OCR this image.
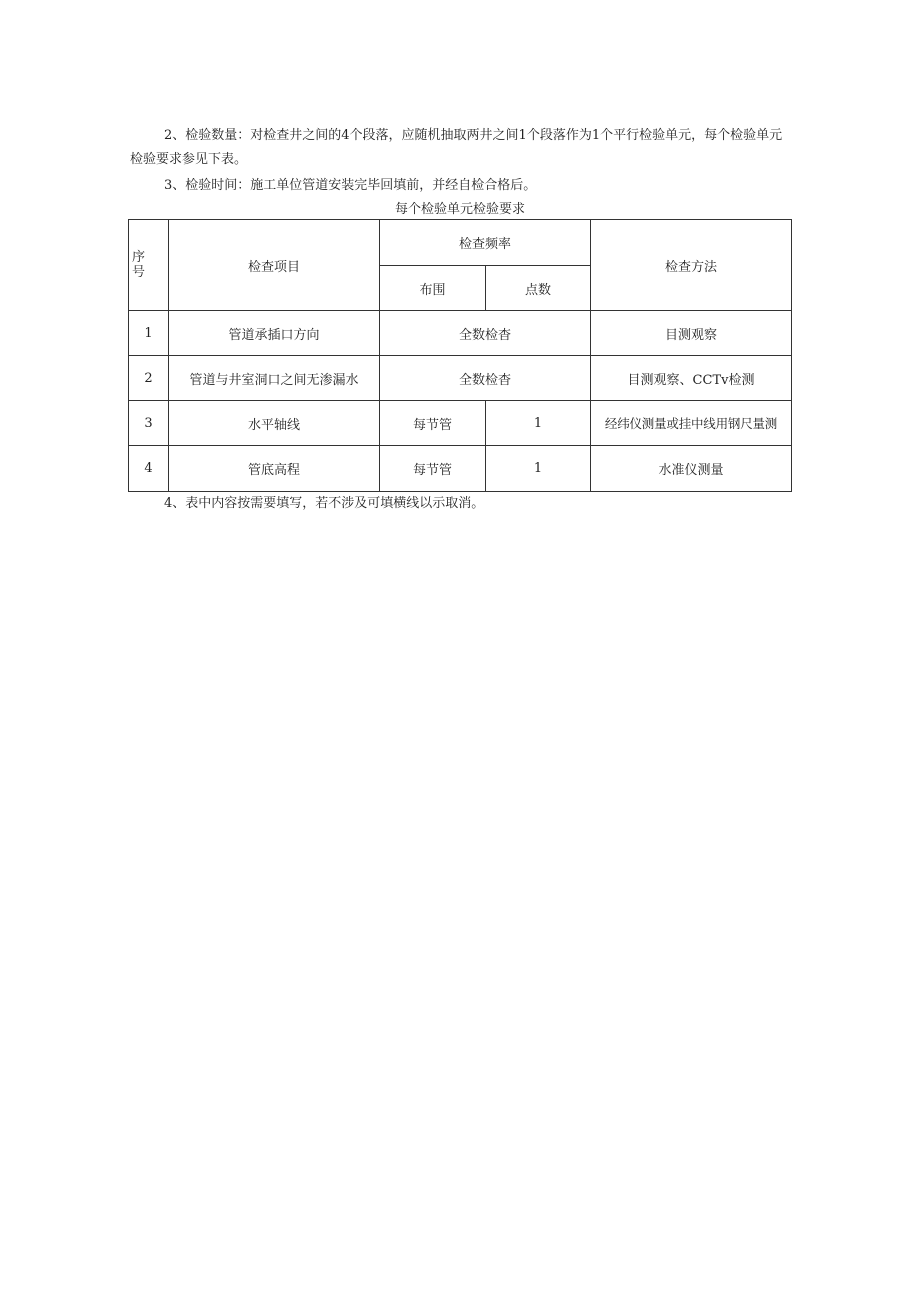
2、检验数量：对检查井之间的4个段落，应随机抽取两井之间1个段落作为1个平行检验单元，每个检验单元检验要求参见下表。

3、检验时间：施工单位管道安装完毕回填前，并经自检合格后。

每个检验单元检验要求
序
号	检查项目	检查频率		检查方法
		布围	点数	
1	管道承插口方向	全数检杳		目测观察
2	管道与井室洞口之间无渗漏水	全数检杳		目测观察、CCTv检测
3	水平轴线	每节管	1	经纬仪测量或挂中线用钢尺量测
4	管底高程	每节管	1	水准仪测量

4、表中内容按需要填写，若不涉及可填横线以示取消。
